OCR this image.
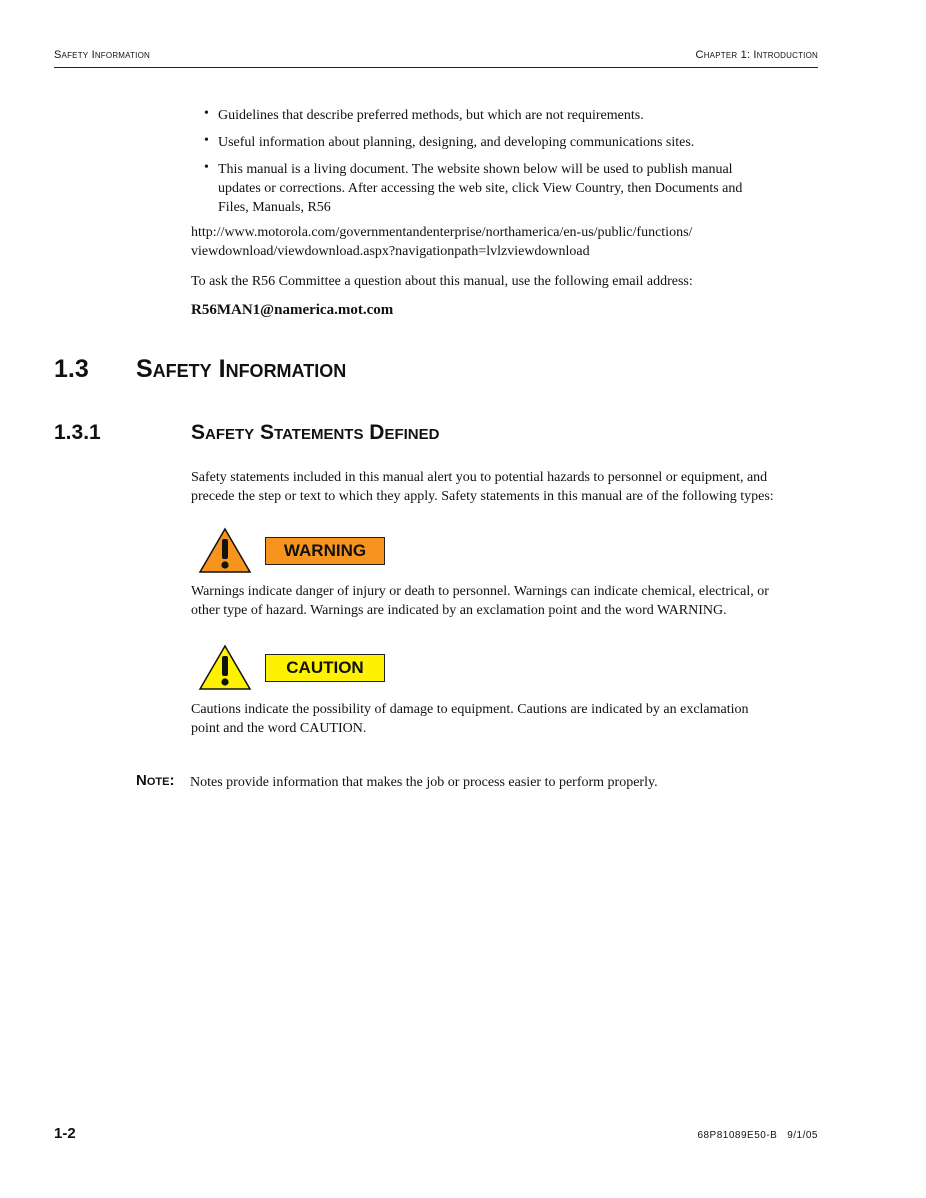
Safety Information	Chapter 1: Introduction
• Guidelines that describe preferred methods, but which are not requirements.
• Useful information about planning, designing, and developing communications sites.
• This manual is a living document. The website shown below will be used to publish manual
updates or corrections. After accessing the web site, click View Country, then Documents and
Files, Manuals, R56
http://www.motorola.com/governmentandenterprise/northamerica/en-us/public/functions/
viewdownload/viewdownload.aspx?navigationpath=lvlzviewdownload
To ask the R56 Committee a question about this manual, use the following email address:
R56MAN1@namerica.mot.com
1.3 Safety Information
1.3.1	Safety Statements Defined
Safety statements included in this manual alert you to potential hazards to personnel or equipment, and
precede the step or text to which they apply. Safety statements in this manual are of the following types:
WARNING
Warnings indicate danger of injury or death to personnel. Warnings can indicate chemical, electrical, or
other type of hazard. Warnings are indicated by an exclamation point and the word WARNING.
CAUTION
Cautions indicate the possibility of damage to equipment. Cautions are indicated by an exclamation
point and the word CAUTION.
Note: Notes provide information that makes the job or process easier to perform properly.
1-2	68P81089E50-B 9/1/05
